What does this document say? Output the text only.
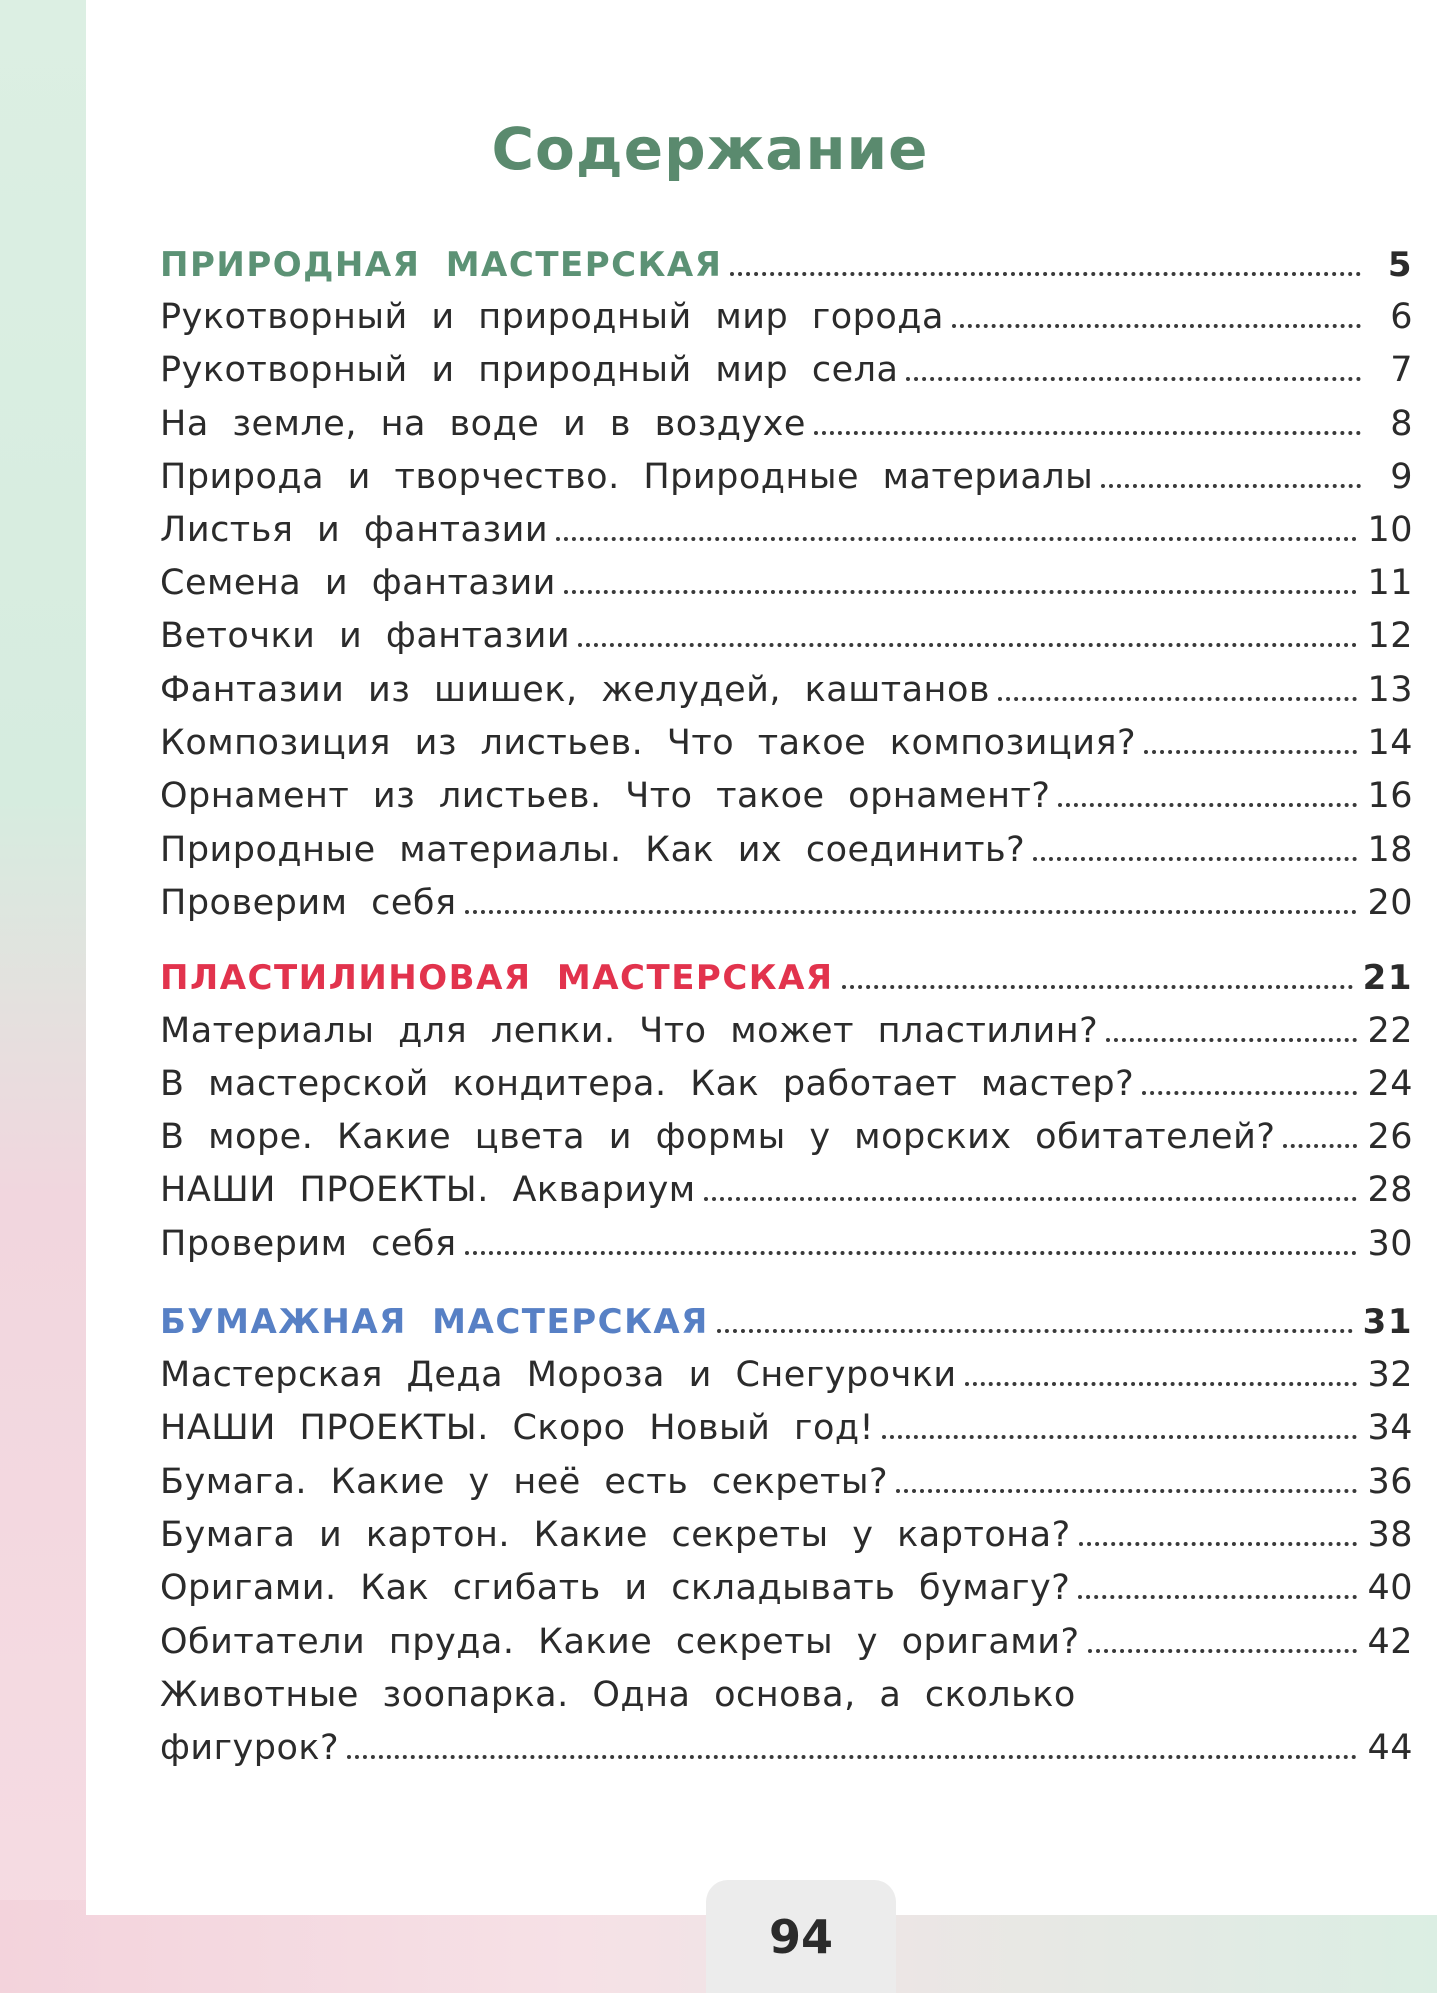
Содержание
ПРИРОДНАЯ МАСТЕРСКАЯ	5
Рукотворный и природный мир города	6
Рукотворный и природный мир села	7
На земле, на воде и в воздухе	8
Природа и творчество. Природные материалы	9
Листья и фантазии	10
Семена и фантазии	11
Веточки и фантазии	12
Фантазии из шишек, желудей, каштанов	13
Композиция из листьев. Что такое композиция?	14
Орнамент из листьев. Что такое орнамент?	16
Природные материалы. Как их соединить?	18
Проверим себя	20
ПЛАСТИЛИНОВАЯ МАСТЕРСКАЯ	21
Материалы для лепки. Что может пластилин?	22
В мастерской кондитера. Как работает мастер?	24
В море. Какие цвета и формы у морских обитателей?	26
НАШИ ПРОЕКТЫ. Аквариум	28
Проверим себя	30
БУМАЖНАЯ МАСТЕРСКАЯ	31
Мастерская Деда Мороза и Снегурочки	32
НАШИ ПРОЕКТЫ. Скоро Новый год!	34
Бумага. Какие у неё есть секреты?	36
Бумага и картон. Какие секреты у картона?	38
Оригами. Как сгибать и складывать бумагу?	40
Обитатели пруда. Какие секреты у оригами?	42
Животные зоопарка. Одна основа, а сколько
фигурок?	44
94
